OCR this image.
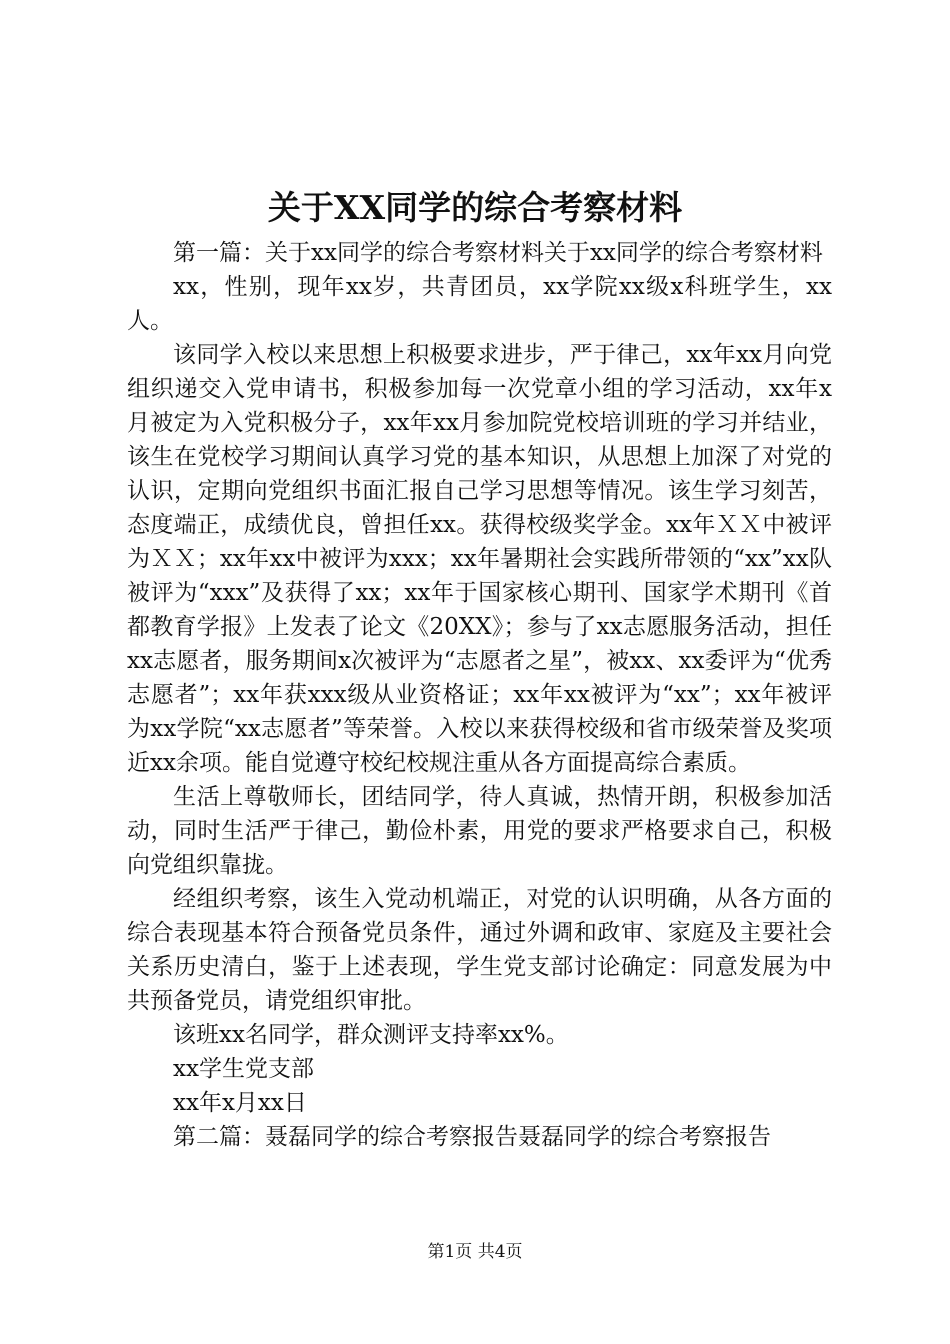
关于XX同学的综合考察材料

第一篇：关于xx同学的综合考察材料关于xx同学的综合考察材料

xx，性别，现年xx岁，共青团员，xx学院xx级x科班学生，xx人。

该同学入校以来思想上积极要求进步，严于律己，xx年xx月向党组织递交入党申请书，积极参加每一次党章小组的学习活动，xx年x月被定为入党积极分子，xx年xx月参加院党校培训班的学习并结业，该生在党校学习期间认真学习党的基本知识，从思想上加深了对党的认识，定期向党组织书面汇报自己学习思想等情况。该生学习刻苦，态度端正，成绩优良，曾担任xx。获得校级奖学金。xx年ＸＸ中被评为ＸＸ；xx年xx中被评为xxx；xx年暑期社会实践所带领的“xx”xx队被评为“xxx”及获得了xx；xx年于国家核心期刊、国家学术期刊《首都教育学报》上发表了论文《20XX》；参与了xx志愿服务活动，担任xx志愿者，服务期间x次被评为“志愿者之星”，被xx、xx委评为“优秀志愿者”；xx年获xxx级从业资格证；xx年xx被评为“xx”；xx年被评为xx学院“xx志愿者”等荣誉。入校以来获得校级和省市级荣誉及奖项近xx余项。能自觉遵守校纪校规注重从各方面提高综合素质。

生活上尊敬师长，团结同学，待人真诚，热情开朗，积极参加活动，同时生活严于律己，勤俭朴素，用党的要求严格要求自己，积极向党组织靠拢。

经组织考察，该生入党动机端正，对党的认识明确，从各方面的综合表现基本符合预备党员条件，通过外调和政审、家庭及主要社会关系历史清白，鉴于上述表现，学生党支部讨论确定：同意发展为中共预备党员，请党组织审批。

该班xx名同学，群众测评支持率xx%。

xx学生党支部

xx年x月xx日

第二篇：聂磊同学的综合考察报告聂磊同学的综合考察报告

第1页 共4页
